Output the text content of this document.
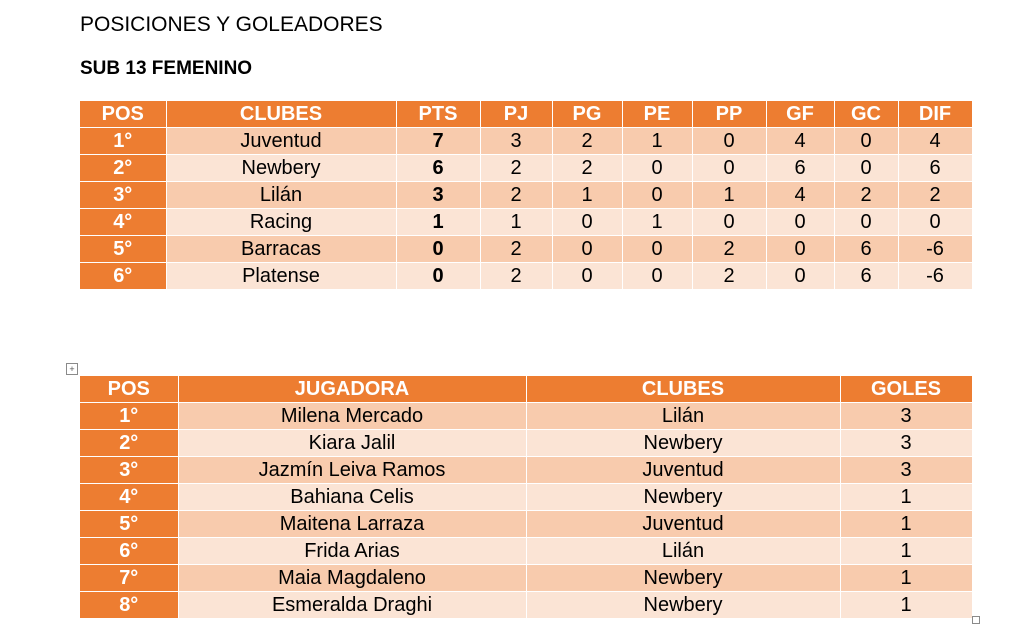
POSICIONES Y GOLEADORES
SUB 13 FEMENINO
POS	CLUBES	PTS	PJ	PG	PE	PP	GF	GC	DIF
1°	Juventud	7	3	2	1	0	4	0	4
2°	Newbery	6	2	2	0	0	6	0	6
3°	Lilán	3	2	1	0	1	4	2	2
4°	Racing	1	1	0	1	0	0	0	0
5°	Barracas	0	2	0	0	2	0	6	-6
6°	Platense	0	2	0	0	2	0	6	-6
+
POS	JUGADORA	CLUBES	GOLES
1°	Milena Mercado	Lilán	3
2°	Kiara Jalil	Newbery	3
3°	Jazmín Leiva Ramos	Juventud	3
4°	Bahiana Celis	Newbery	1
5°	Maitena Larraza	Juventud	1
6°	Frida Arias	Lilán	1
7°	Maia Magdaleno	Newbery	1
8°	Esmeralda Draghi	Newbery	1
